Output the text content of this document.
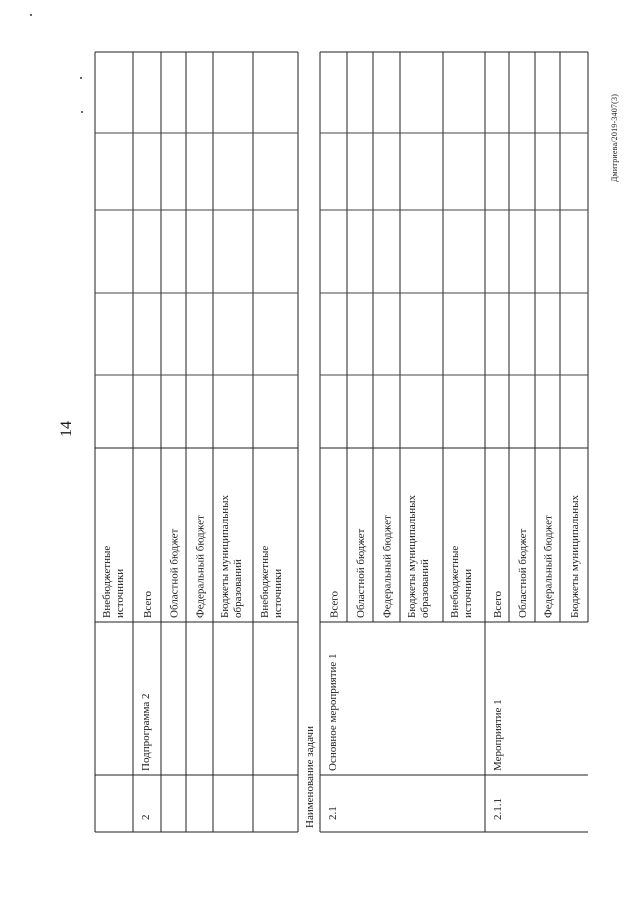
14
Дмитриева/2019-3407(3)
Внебюджетныеисточники Всего
Подпрограмма 2
2
Областной бюджет Федеральный бюджет Бюджеты муниципальныхобразований Внебюджетныеисточники	Всего
Основное мероприятие 1
2.1
Областной бюджет Федеральный бюджет Бюджеты муниципальныхобразований Внебюджетныеисточники Всего
Мероприятие 1
2.1.1
Областной бюджет Федеральный бюджет Бюджеты муниципальных
Наименование задачи
